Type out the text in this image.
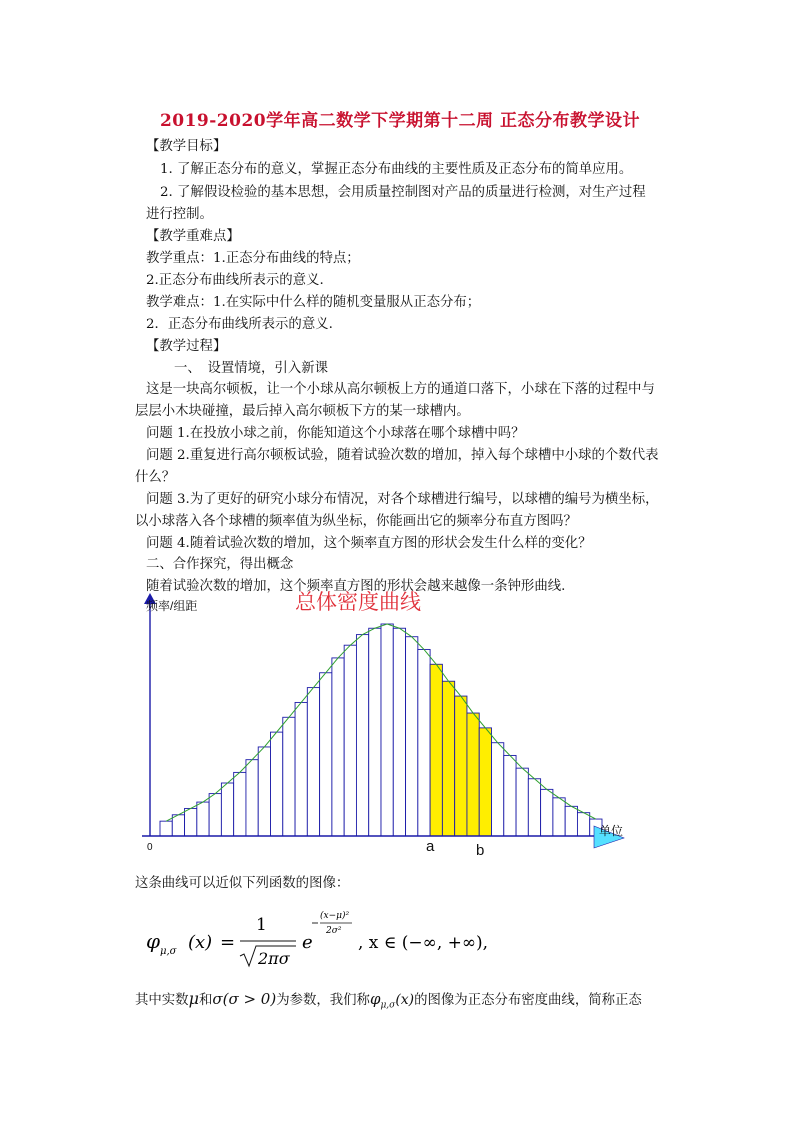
2019-2020学年高二数学下学期第十二周 正态分布教学设计
【教学目标】
1. 了解正态分布的意义，掌握正态分布曲线的主要性质及正态分布的简单应用。
2. 了解假设检验的基本思想，会用质量控制图对产品的质量进行检测，对生产过程
进行控制。
【教学重难点】
教学重点：1.正态分布曲线的特点；
2.正态分布曲线所表示的意义.
教学难点：1.在实际中什么样的随机变量服从正态分布；
2．正态分布曲线所表示的意义.
【教学过程】
一、　设置情境，引入新课
这是一块高尔顿板，让一个小球从高尔顿板上方的通道口落下，小球在下落的过程中与
层层小木块碰撞，最后掉入高尔顿板下方的某一球槽内。
问题 1.在投放小球之前，你能知道这个小球落在哪个球槽中吗？
问题 2.重复进行高尔顿板试验，随着试验次数的增加，掉入每个球槽中小球的个数代表
什么？
问题 3.为了更好的研究小球分布情况，对各个球槽进行编号，以球槽的编号为横坐标，
以小球落入各个球槽的频率值为纵坐标，你能画出它的频率分布直方图吗？
问题 4.随着试验次数的增加，这个频率直方图的形状会发生什么样的变化？
二、合作探究，得出概念
随着试验次数的增加，这个频率直方图的形状会越来越像一条钟形曲线.
频率/组距	总体密度曲线
单位
0	a	b
这条曲线可以近似下列函数的图像：
φ μ,σ (x) =
1
2πσ
e
(x−μ)²
2σ²
, x ∈ (−∞, +∞),
其中实数μ和σ(σ > 0)为参数，我们称$\varphi_{\mu,\sigma}(x)$的图像为正态分布密度曲线，简称正态
